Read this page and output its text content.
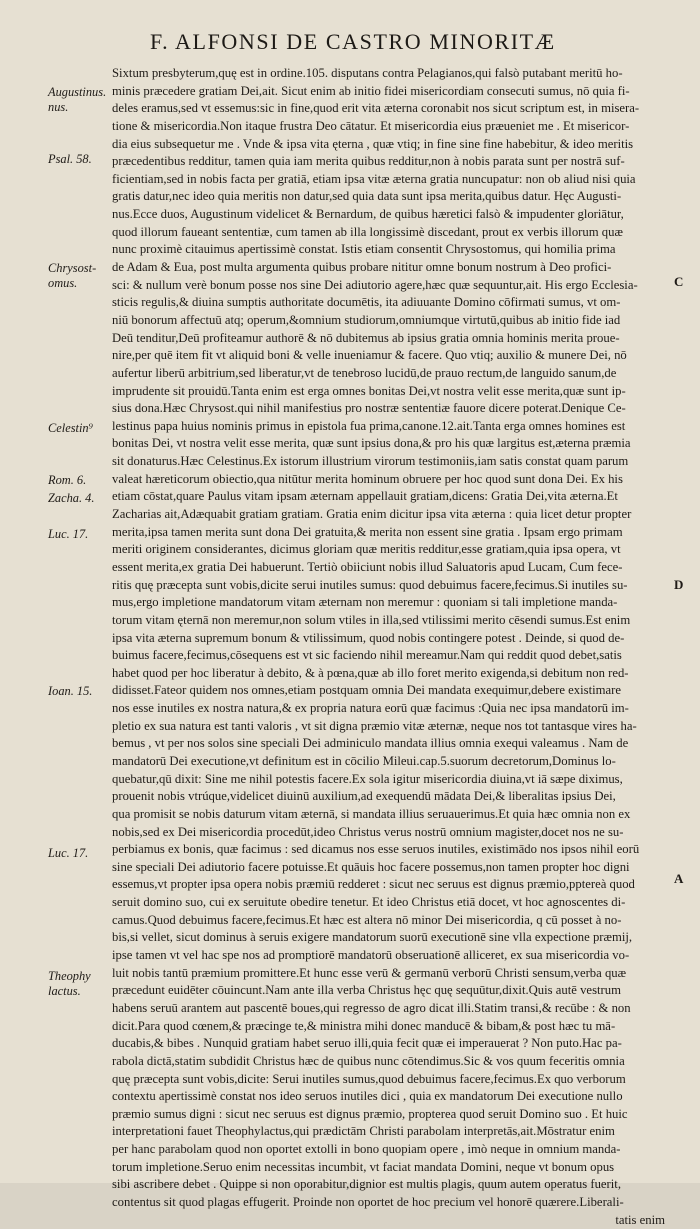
F. ALFONSI DE CASTRO MINORITÆ
Augustinus.
nus.
Psal. 58.
Chrysost-
omus.
Celestin⁹
Rom. 6.
Zacha. 4.
Luc. 17.
Ioan. 15.
Luc. 17.
Theophy
lactus.
C
D
A
Sixtum presbyterum,quę est in ordine.105. disputans contra Pelagianos,qui falsò putabant meritū ho-
minis præcedere gratiam Dei,ait. Sicut enim ab initio fidei misericordiam consecuti sumus, nō quia fi-
deles eramus,sed vt essemus:sic in fine,quod erit vita æterna coronabit nos sicut scriptum est, in misera-
tione & misericordia.Non itaque frustra Deo cātatur. Et misericordia eius præueniet me . Et misericor-
dia eius subsequetur me . Vnde & ipsa vita ęterna , quæ vtiq; in fine sine fine habebitur, & ideo meritis
præcedentibus redditur, tamen quia iam merita quibus redditur,non à nobis parata sunt per nostrā suf-
ficientiam,sed in nobis facta per gratiā, etiam ipsa vitæ æterna gratia nuncupatur: non ob aliud nisi quia
gratis datur,nec ideo quia meritis non datur,sed quia data sunt ipsa merita,quibus datur. Hęc Augusti-
nus.Ecce duos, Augustinum videlicet & Bernardum, de quibus hæretici falsò & impudenter gloriātur,
quod illorum faueant sententiæ, cum tamen ab illa longissimè discedant, prout ex verbis illorum quæ
nunc proximè citauimus apertissimè constat. Istis etiam consentit Chrysostomus, qui homilia prima
de Adam & Eua, post multa argumenta quibus probare nititur omne bonum nostrum à Deo profici-
sci: & nullum verè bonum posse nos sine Dei adiutorio agere,hæc quæ sequuntur,ait. His ergo Ecclesia-
sticis regulis,& diuina sumptis authoritate documētis, ita adiuuante Domino cōfirmati sumus, vt om-
niū bonorum affectuū atq; operum,&omnium studiorum,omniumque virtutū,quibus ab initio fide iad
Deū tenditur,Deū profiteamur authorē & nō dubitemus ab ipsius gratia omnia hominis merita proue-
nire,per quē item fit vt aliquid boni & velle inueniamur & facere. Quo vtiq; auxilio & munere Dei, nō
aufertur liberū arbitrium,sed liberatur,vt de tenebroso lucidū,de prauo rectum,de languido sanum,de
imprudente sit prouidū.Tanta enim est erga omnes bonitas Dei,vt nostra velit esse merita,quæ sunt ip-
sius dona.Hæc Chrysost.qui nihil manifestius pro nostræ sententiæ fauore dicere poterat.Denique Ce-
lestinus papa huius nominis primus in epistola fua prima,canone.12.ait.Tanta erga omnes homines est
bonitas Dei, vt nostra velit esse merita, quæ sunt ipsius dona,& pro his quæ largitus est,æterna præmia
sit donaturus.Hæc Celestinus.Ex istorum illustrium virorum testimoniis,iam satis constat quam parum
valeat hæreticorum obiectio,qua nitūtur merita hominum obruere per hoc quod sunt dona Dei. Ex his
etiam cōstat,quare Paulus vitam ipsam æternam appellauit gratiam,dicens: Gratia Dei,vita æterna.Et
Zacharias ait,Adæquabit gratiam gratiam. Gratia enim dicitur ipsa vita æterna : quia licet detur propter
merita,ipsa tamen merita sunt dona Dei gratuita,& merita non essent sine gratia . Ipsam ergo primam
meriti originem considerantes, dicimus gloriam quæ meritis redditur,esse gratiam,quia ipsa opera, vt
essent merita,ex gratia Dei habuerunt. Tertiò obiiciunt nobis illud Saluatoris apud Lucam, Cum fece-
ritis quę præcepta sunt vobis,dicite serui inutiles sumus: quod debuimus facere,fecimus.Si inutiles su-
mus,ergo impletione mandatorum vitam æternam non meremur : quoniam si tali impletione manda-
torum vitam ęternā non meremur,non solum vtiles in illa,sed vtilissimi merito cēsendi sumus.Est enim
ipsa vita æterna supremum bonum & vtilissimum, quod nobis contingere potest . Deinde, si quod de-
buimus facere,fecimus,cōsequens est vt sic faciendo nihil mereamur.Nam qui reddit quod debet,satis
habet quod per hoc liberatur à debito, & à pœna,quæ ab illo foret merito exigenda,si debitum non red-
didisset.Fateor quidem nos omnes,etiam postquam omnia Dei mandata exequimur,debere existimare
nos esse inutiles ex nostra natura,& ex propria natura eorū quæ facimus :Quia nec ipsa mandatorū im-
pletio ex sua natura est tanti valoris , vt sit digna præmio vitæ æternæ, neque nos tot tantasque vires ha-
bemus , vt per nos solos sine speciali Dei adminiculo mandata illius omnia exequi valeamus . Nam de
mandatorū Dei executione,vt definitum est in cōcilio Mileui.cap.5.suorum decretorum,Dominus lo-
quebatur,qū dixit: Sine me nihil potestis facere.Ex sola igitur misericordia diuina,vt iā sæpe diximus,
prouenit nobis vtrúque,videlicet diuinū auxilium,ad exequendū mādata Dei,& liberalitas ipsius Dei,
qua promisit se nobis daturum vitam æternā, si mandata illius seruauerimus.Et quia hæc omnia non ex
nobis,sed ex Dei misericordia procedūt,ideo Christus verus nostrū omnium magister,docet nos ne su-
perbiamus ex bonis, quæ facimus : sed dicamus nos esse seruos inutiles, existimādo nos ipsos nihil eorū
sine speciali Dei adiutorio facere potuisse.Et quāuis hoc facere possemus,non tamen propter hoc digni
essemus,vt propter ipsa opera nobis præmiū redderet : sicut nec seruus est dignus præmio,pptereà quod
seruit domino suo, cui ex seruitute obedire tenetur. Et ideo Christus etiā docet, vt hoc agnoscentes di-
camus.Quod debuimus facere,fecimus.Et hæc est altera nō minor Dei misericordia, q cū posset à no-
bis,si vellet, sicut dominus à seruis exigere mandatorum suorū executionē sine vlla expectione præmij,
ipse tamen vt vel hac spe nos ad promptiorē mandatorū obseruationē alliceret, ex sua misericordia vo-
luit nobis tantū præmium promittere.Et hunc esse verū & germanū verborū Christi sensum,verba quæ
præcedunt euidēter cōuincunt.Nam ante illa verba Christus hęc quę sequūtur,dixit.Quis autē vestrum
habens seruū arantem aut pascentē boues,qui regresso de agro dicat illi.Statim transi,& recūbe : & non
dicit.Para quod cœnem,& præcinge te,& ministra mihi donec manducē & bibam,& post hæc tu mā-
ducabis,& bibes . Nunquid gratiam habet seruo illi,quia fecit quæ ei imperauerat ? Non puto.Hac pa-
rabola dictā,statim subdidit Christus hæc de quibus nunc cōtendimus.Sic & vos quum feceritis omnia
quę præcepta sunt vobis,dicite: Serui inutiles sumus,quod debuimus facere,fecimus.Ex quo verborum
contextu apertissimè constat nos ideo seruos inutiles dici , quia ex mandatorum Dei executione nullo
præmio sumus digni : sicut nec seruus est dignus præmio, propterea quod seruit Domino suo . Et huic
interpretationi fauet Theophylactus,qui prædictām Christi parabolam interpretās,ait.Mōstratur enim
per hanc parabolam quod non oportet extolli in bono quopiam opere , imò neque in omnium manda-
torum impletione.Seruo enim necessitas incumbit, vt faciat mandata Domini, neque vt bonum opus
sibi ascribere debet . Quippe si non oporabitur,dignior est multis plagis, quum autem operatus fuerit,
contentus sit quod plagas effugerit. Proinde non oportet de hoc precium vel honorē quærere.Liberali-
tatis enim
